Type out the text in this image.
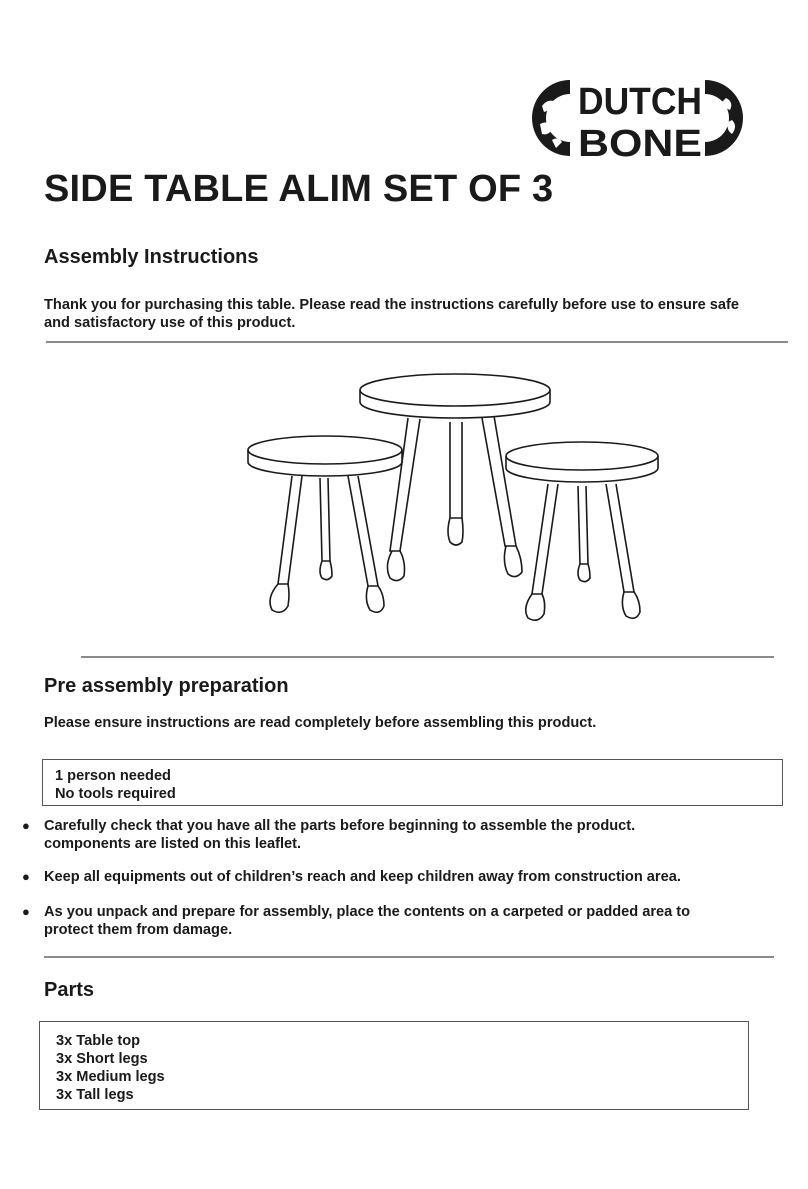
DUTCH
BONE
SIDE TABLE ALIM SET OF 3
Assembly Instructions

Thank you for purchasing this table. Please read the instructions carefully before use to ensure safe
and satisfactory use of this product.

Pre assembly preparation

Please ensure instructions are read completely before assembling this product.

1 person needed
No tools required
● Carefully check that you have all the parts before beginning to assemble the product.
components are listed on this leaflet.
● Keep all equipments out of children’s reach and keep children away from construction area.
● As you unpack and prepare for assembly, place the contents on a carpeted or padded area to
protect them from damage.
Parts
3x Table top
3x Short legs
3x Medium legs
3x Tall legs
